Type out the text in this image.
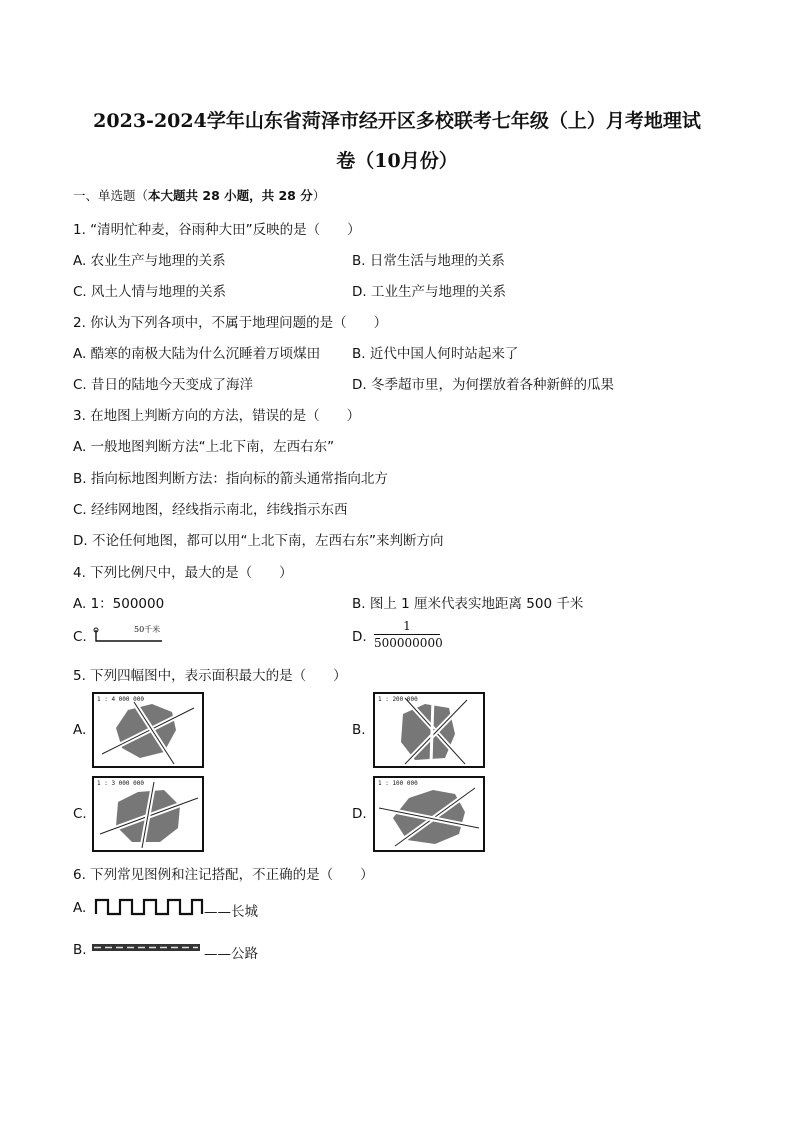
2023-2024学年山东省菏泽市经开区多校联考七年级（上）月考地理试
卷（10月份）
一、单选题（本大题共 28 小题，共 28 分）
1. “清明忙种麦，谷雨种大田”反映的是（　　）
A. 农业生产与地理的关系	B. 日常生活与地理的关系
C. 风土人情与地理的关系	D. 工业生产与地理的关系
2. 你认为下列各项中，不属于地理问题的是（　　）
A. 酷寒的南极大陆为什么沉睡着万顷煤田 B. 近代中国人何时站起来了
C. 昔日的陆地今天变成了海洋	D. 冬季超市里，为何摆放着各种新鲜的瓜果
3. 在地图上判断方向的方法，错误的是（　　）
A. 一般地图判断方法“上北下南，左西右东”
B. 指向标地图判断方法：指向标的箭头通常指向北方
C. 经纬网地图，经线指示南北，纬线指示东西
D. 不论任何地图，都可以用“上北下南，左西右东”来判断方向
4. 下列比例尺中，最大的是（　　）
A. 1：500000	B. 图上 1 厘米代表实地距离 500 千米
C.	50千米	D. $\frac{1}{500000000}$
5. 下列四幅图中，表示面积最大的是（　　）
A.
1 : 4 000 000
B.
1 : 200 000
C.
1 : 3 000 000
D.
1 : 100 000
6. 下列常见图例和注记搭配，不正确的是（　　）
A.	——长城
B.	——公路
